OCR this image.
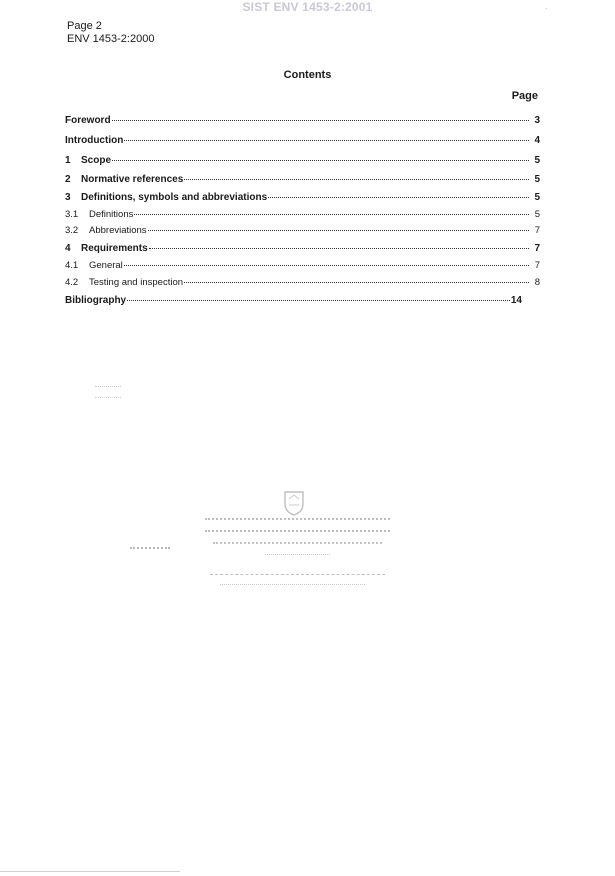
SIST ENV 1453-2:2001	·
Page 2
ENV 1453-2:2000
Contents
Page
Foreword	3
Introduction	4
1	Scope	5
2	Normative references	5
3	Definitions, symbols and abbreviations	5
3.1	Definitions	5
3.2	Abbreviations	7
4	Requirements	7
4.1	General	7
4.2	Testing and inspection	8
Bibliography	14
